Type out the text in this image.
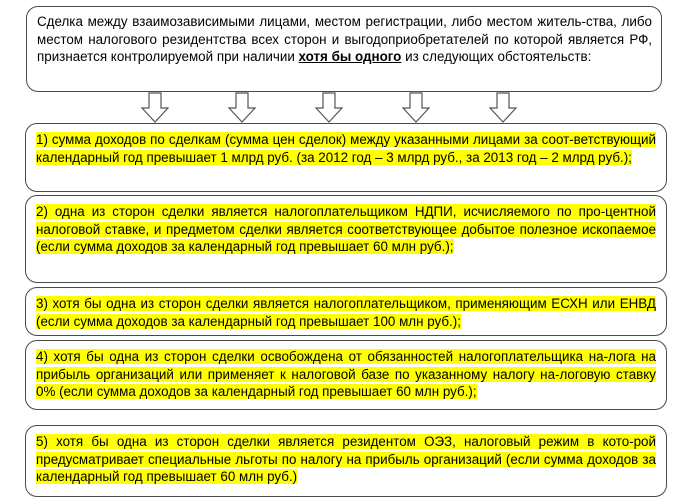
Сделка между взаимозависимыми лицами, местом регистрации, либо местом житель-ства, либо местом налогового резидентства всех сторон и выгодоприобретателей по которой является РФ, признается контролируемой при наличии хотя бы одного из следующих обстоятельств:
1) сумма доходов по сделкам (сумма цен сделок) между указанными лицами за соот-ветствующий календарный год превышает 1 млрд руб. (за 2012 год – 3 млрд руб., за 2013 год – 2 млрд руб.);
2) одна из сторон сделки является налогоплательщиком НДПИ, исчисляемого по про-центной налоговой ставке, и предметом сделки является соответствующее добытое полезное ископаемое (если сумма доходов за календарный год превышает 60 млн руб.);
3) хотя бы одна из сторон сделки является налогоплательщиком, применяющим ЕСХН или ЕНВД (если сумма доходов за календарный год превышает 100 млн руб.);
4) хотя бы одна из сторон сделки освобождена от обязанностей налогоплательщика на-лога на прибыль организаций или применяет к налоговой базе по указанному налогу на-логовую ставку 0% (если сумма доходов за календарный год превышает 60 млн руб.);
5) хотя бы одна из сторон сделки является резидентом ОЭЗ, налоговый режим в кото-рой предусматривает специальные льготы по налогу на прибыль организаций (если сумма доходов за календарный год превышает 60 млн руб.)
